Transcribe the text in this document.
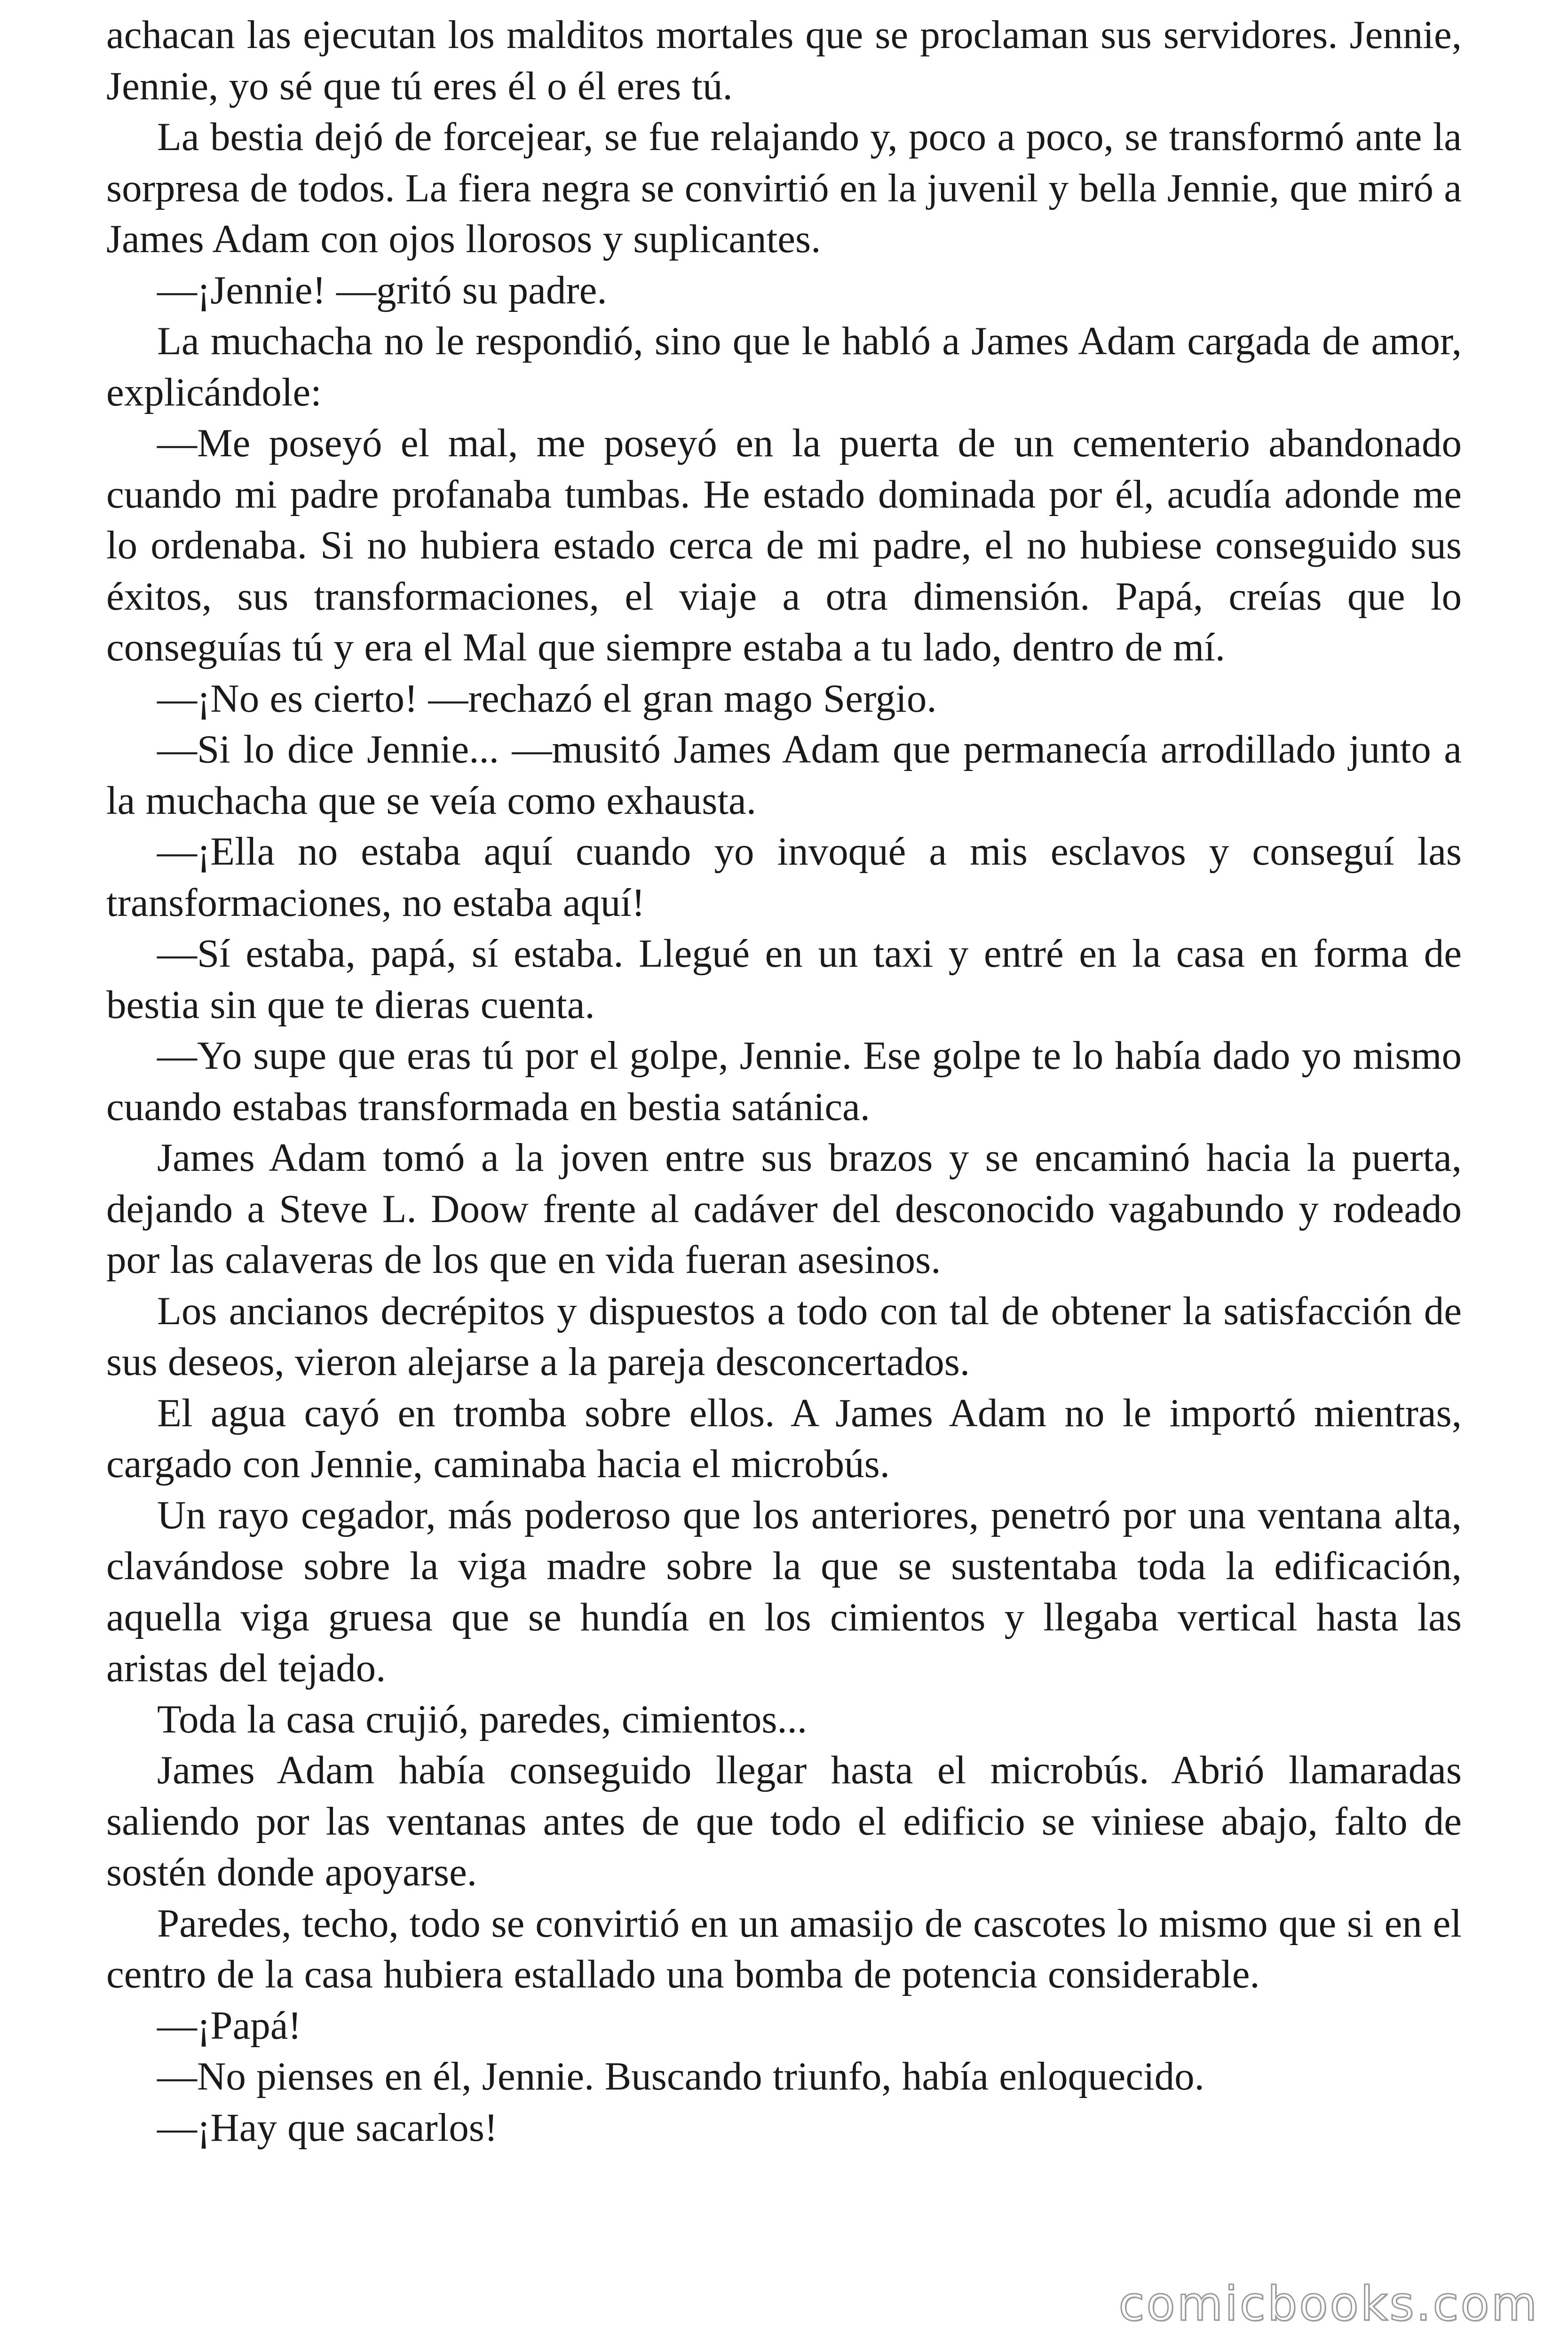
achacan las ejecutan los malditos mortales que se proclaman sus servidores. Jennie, Jennie, yo sé que tú eres él o él eres tú.

La bestia dejó de forcejear, se fue relajando y, poco a poco, se transformó ante la sorpresa de todos. La fiera negra se convirtió en la juvenil y bella Jennie, que miró a James Adam con ojos llorosos y suplicantes.

—¡Jennie! —gritó su padre.

La muchacha no le respondió, sino que le habló a James Adam cargada de amor, explicándole:

—Me poseyó el mal, me poseyó en la puerta de un cementerio abandonado cuando mi padre profanaba tumbas. He estado dominada por él, acudía adonde me lo ordenaba. Si no hubiera estado cerca de mi padre, el no hubiese conseguido sus éxitos, sus transformaciones, el viaje a otra dimensión. Papá, creías que lo conseguías tú y era el Mal que siempre estaba a tu lado, dentro de mí.

—¡No es cierto! —rechazó el gran mago Sergio.

—Si lo dice Jennie... —musitó James Adam que permanecía arrodillado junto a la muchacha que se veía como exhausta.

—¡Ella no estaba aquí cuando yo invoqué a mis esclavos y conseguí las transformaciones, no estaba aquí!

—Sí estaba, papá, sí estaba. Llegué en un taxi y entré en la casa en forma de bestia sin que te dieras cuenta.

—Yo supe que eras tú por el golpe, Jennie. Ese golpe te lo había dado yo mismo cuando estabas transformada en bestia satánica.

James Adam tomó a la joven entre sus brazos y se encaminó hacia la puerta, dejando a Steve L. Doow frente al cadáver del desconocido vagabundo y rodeado por las calaveras de los que en vida fueran asesinos.

Los ancianos decrépitos y dispuestos a todo con tal de obtener la satisfacción de sus deseos, vieron alejarse a la pareja desconcertados.

El agua cayó en tromba sobre ellos. A James Adam no le importó mientras, cargado con Jennie, caminaba hacia el microbús.

Un rayo cegador, más poderoso que los anteriores, penetró por una ventana alta, clavándose sobre la viga madre sobre la que se sustentaba toda la edificación, aquella viga gruesa que se hundía en los cimientos y llegaba vertical hasta las aristas del tejado.

Toda la casa crujió, paredes, cimientos...

James Adam había conseguido llegar hasta el microbús. Abrió llamaradas saliendo por las ventanas antes de que todo el edificio se viniese abajo, falto de sostén donde apoyarse.

Paredes, techo, todo se convirtió en un amasijo de cascotes lo mismo que si en el centro de la casa hubiera estallado una bomba de potencia considerable.

—¡Papá!

—No pienses en él, Jennie. Buscando triunfo, había enloquecido.

—¡Hay que sacarlos!

comicbooks.com
